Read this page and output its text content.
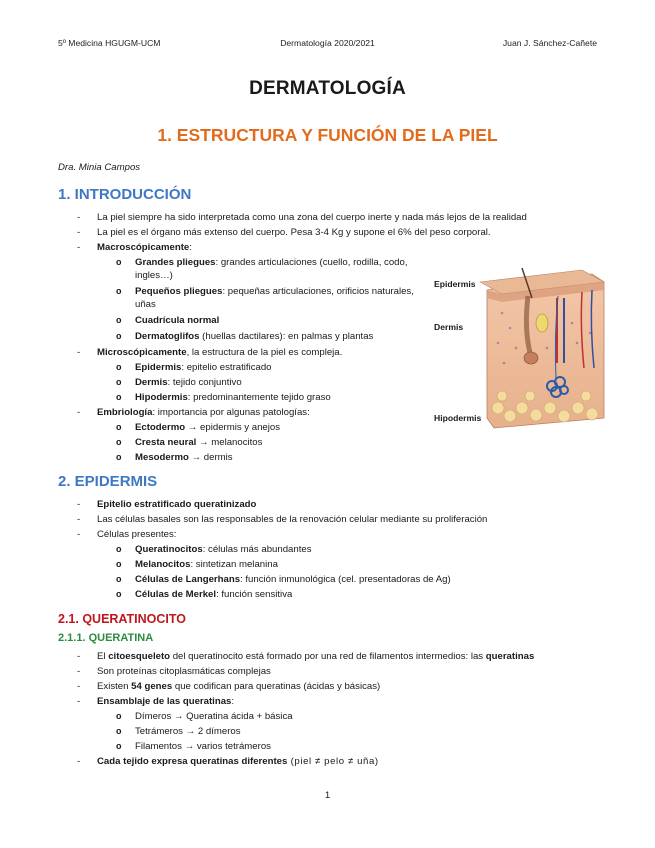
5º Medicina HGUGM-UCM	Dermatología 2020/2021	Juan J. Sánchez-Cañete
DERMATOLOGÍA
1. ESTRUCTURA Y FUNCIÓN DE LA PIEL
Dra. Minia Campos
1. INTRODUCCIÓN
- La piel siempre ha sido interpretada como una zona del cuerpo inerte y nada más lejos de la realidad
- La piel es el órgano más extenso del cuerpo. Pesa 3-4 Kg y supone el 6% del peso corporal.
- Macroscópicamente:
o Grandes pliegues: grandes articulaciones (cuello, rodilla, codo, ingles…)
o Pequeños pliegues: pequeñas articulaciones, orificios naturales, uñas
o Cuadrícula normal
o Dermatoglifos (huellas dactilares): en palmas y plantas
- Microscópicamente, la estructura de la piel es compleja.
o Epidermis: epitelio estratificado
o Dermis: tejido conjuntivo
o Hipodermis: predominantemente tejido graso
- Embriología: importancia por algunas patologías:
o Ectodermo → epidermis y anejos
o Cresta neural → melanocitos
o Mesodermo → dermis
Epidermis
Dermis
Hipodermis
2. EPIDERMIS
- Epitelio estratificado queratinizado
- Las células basales son las responsables de la renovación celular mediante su proliferación
- Células presentes:
o Queratinocitos: células más abundantes
o Melanocitos: sintetizan melanina
o Células de Langerhans: función inmunológica (cel. presentadoras de Ag)
o Células de Merkel: función sensitiva
2.1. QUERATINOCITO
2.1.1. QUERATINA
- El citoesqueleto del queratinocito está formado por una red de filamentos intermedios: las queratinas
- Son proteínas citoplasmáticas complejas
- Existen 54 genes que codifican para queratinas (ácidas y básicas)
- Ensamblaje de las queratinas:
o Dímeros → Queratina ácida + básica
o Tetrámeros → 2 dímeros
o Filamentos → varios tetrámeros
- Cada tejido expresa queratinas diferentes (piel ≠ pelo ≠ uña)
1
